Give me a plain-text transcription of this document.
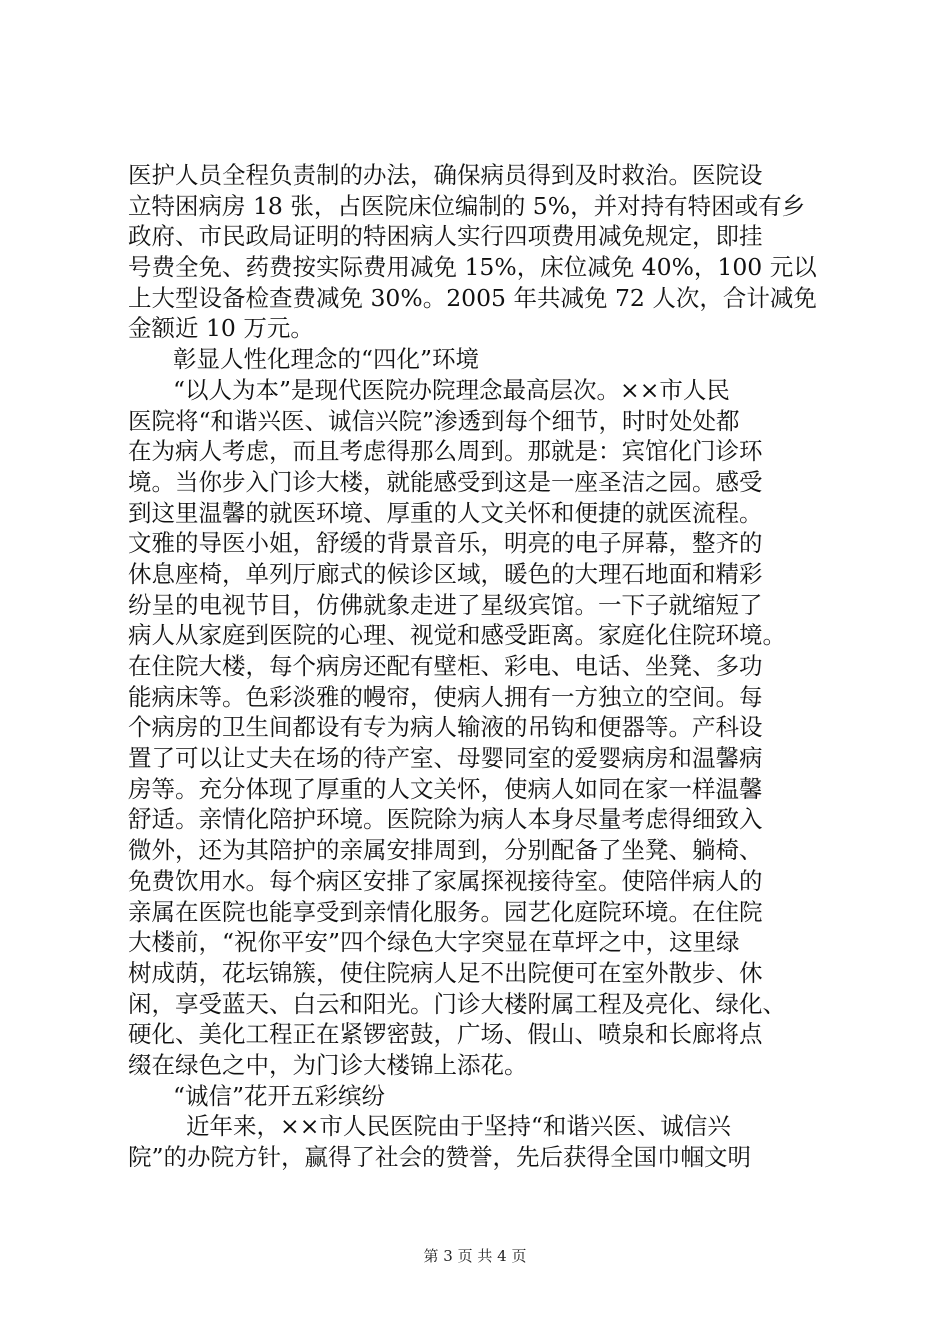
医护人员全程负责制的办法，确保病员得到及时救治。医院设
立特困病房 18 张，占医院床位编制的 5%，并对持有特困或有乡
政府、市民政局证明的特困病人实行四项费用减免规定，即挂
号费全免、药费按实际费用减免 15%，床位减免 40%，100 元以
上大型设备检查费减免 30%。2005 年共减免 72 人次，合计减免
金额近 10 万元。
彰显人性化理念的“四化”环境
“以人为本”是现代医院办院理念最高层次。××市人民
医院将“和谐兴医、诚信兴院”渗透到每个细节，时时处处都
在为病人考虑，而且考虑得那么周到。那就是：宾馆化门诊环
境。当你步入门诊大楼，就能感受到这是一座圣洁之园。感受
到这里温馨的就医环境、厚重的人文关怀和便捷的就医流程。
文雅的导医小姐，舒缓的背景音乐，明亮的电子屏幕，整齐的
休息座椅，单列厅廊式的候诊区域，暖色的大理石地面和精彩
纷呈的电视节目，仿佛就象走进了星级宾馆。一下子就缩短了
病人从家庭到医院的心理、视觉和感受距离。家庭化住院环境。
在住院大楼，每个病房还配有壁柜、彩电、电话、坐凳、多功
能病床等。色彩淡雅的幔帘，使病人拥有一方独立的空间。每
个病房的卫生间都设有专为病人输液的吊钩和便器等。产科设
置了可以让丈夫在场的待产室、母婴同室的爱婴病房和温馨病
房等。充分体现了厚重的人文关怀，使病人如同在家一样温馨
舒适。亲情化陪护环境。医院除为病人本身尽量考虑得细致入
微外，还为其陪护的亲属安排周到，分别配备了坐凳、躺椅、
免费饮用水。每个病区安排了家属探视接待室。使陪伴病人的
亲属在医院也能享受到亲情化服务。园艺化庭院环境。在住院
大楼前，“祝你平安”四个绿色大字突显在草坪之中，这里绿
树成荫，花坛锦簇，使住院病人足不出院便可在室外散步、休
闲，享受蓝天、白云和阳光。门诊大楼附属工程及亮化、绿化、
硬化、美化工程正在紧锣密鼓，广场、假山、喷泉和长廊将点
缀在绿色之中，为门诊大楼锦上添花。
“诚信”花开五彩缤纷
近年来，××市人民医院由于坚持“和谐兴医、诚信兴
院”的办院方针，赢得了社会的赞誉，先后获得全国巾帼文明
第 3 页 共 4 页
